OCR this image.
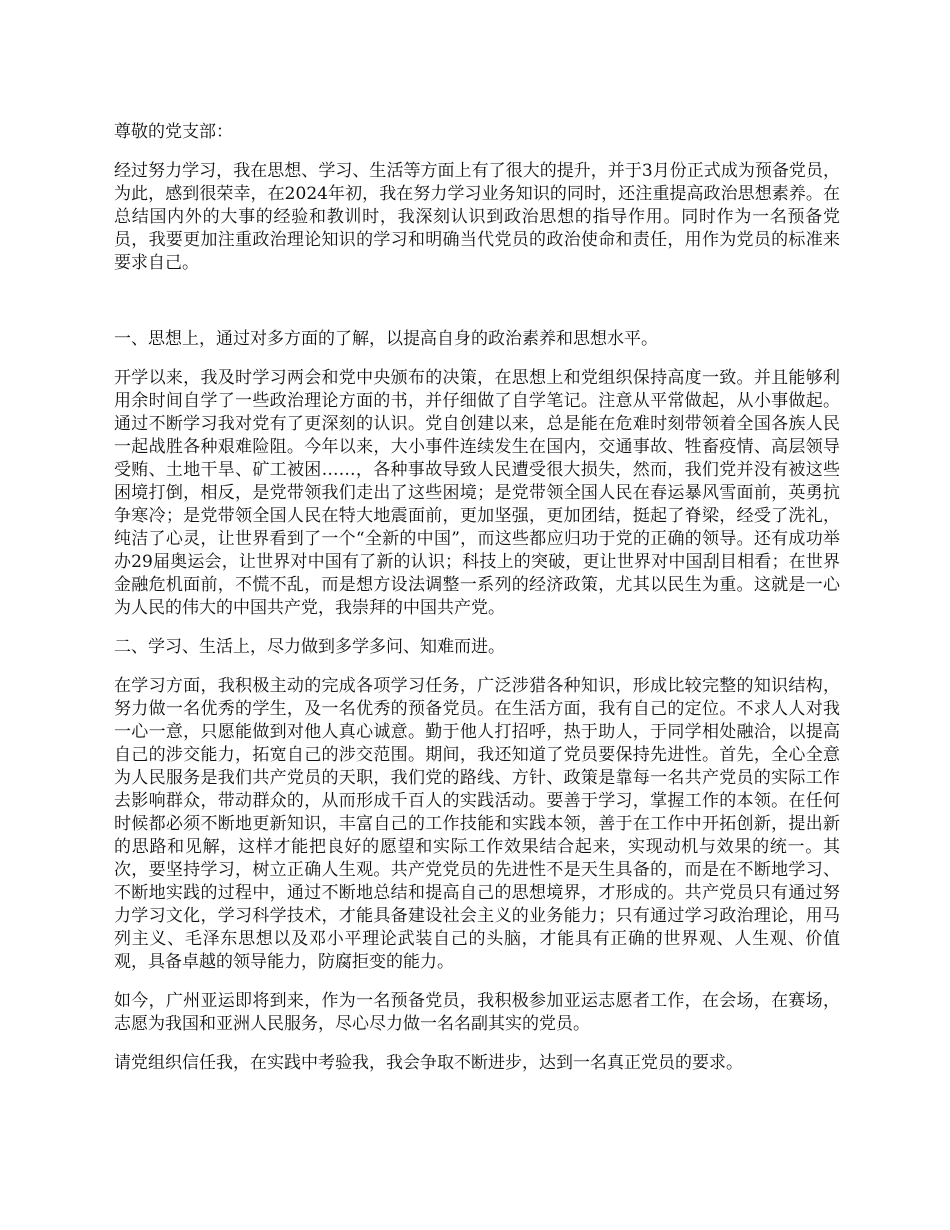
尊敬的党支部：

经过努力学习，我在思想、学习、生活等方面上有了很大的提升，并于3月份正式成为预备党员，为此，感到很荣幸，在2024年初，我在努力学习业务知识的同时，还注重提高政治思想素养。在总结国内外的大事的经验和教训时，我深刻认识到政治思想的指导作用。同时作为一名预备党员，我要更加注重政治理论知识的学习和明确当代党员的政治使命和责任，用作为党员的标准来要求自己。

一、思想上，通过对多方面的了解，以提高自身的政治素养和思想水平。

开学以来，我及时学习两会和党中央颁布的决策，在思想上和党组织保持高度一致。并且能够利用余时间自学了一些政治理论方面的书，并仔细做了自学笔记。注意从平常做起，从小事做起。通过不断学习我对党有了更深刻的认识。党自创建以来，总是能在危难时刻带领着全国各族人民一起战胜各种艰难险阻。今年以来，大小事件连续发生在国内，交通事故、牲畜疫情、高层领导受贿、土地干旱、矿工被困……，各种事故导致人民遭受很大损失，然而，我们党并没有被这些困境打倒，相反，是党带领我们走出了这些困境；是党带领全国人民在春运暴风雪面前，英勇抗争寒冷；是党带领全国人民在特大地震面前，更加坚强，更加团结，挺起了脊梁，经受了洗礼，纯洁了心灵，让世界看到了一个“全新的中国”，而这些都应归功于党的正确的领导。还有成功举办29届奥运会，让世界对中国有了新的认识；科技上的突破，更让世界对中国刮目相看；在世界金融危机面前，不慌不乱，而是想方设法调整一系列的经济政策，尤其以民生为重。这就是一心为人民的伟大的中国共产党，我崇拜的中国共产党。

二、学习、生活上，尽力做到多学多问、知难而进。

在学习方面，我积极主动的完成各项学习任务，广泛涉猎各种知识，形成比较完整的知识结构，努力做一名优秀的学生，及一名优秀的预备党员。在生活方面，我有自己的定位。不求人人对我一心一意，只愿能做到对他人真心诚意。勤于他人打招呼，热于助人，于同学相处融洽，以提高自己的涉交能力，拓宽自己的涉交范围。期间，我还知道了党员要保持先进性。首先，全心全意为人民服务是我们共产党员的天职，我们党的路线、方针、政策是靠每一名共产党员的实际工作去影响群众，带动群众的，从而形成千百人的实践活动。要善于学习，掌握工作的本领。在任何时候都必须不断地更新知识，丰富自己的工作技能和实践本领，善于在工作中开拓创新，提出新的思路和见解，这样才能把良好的愿望和实际工作效果结合起来，实现动机与效果的统一。其次，要坚持学习，树立正确人生观。共产党党员的先进性不是天生具备的，而是在不断地学习、不断地实践的过程中，通过不断地总结和提高自己的思想境界，才形成的。共产党员只有通过努力学习文化，学习科学技术，才能具备建设社会主义的业务能力；只有通过学习政治理论，用马列主义、毛泽东思想以及邓小平理论武装自己的头脑，才能具有正确的世界观、人生观、价值观，具备卓越的领导能力，防腐拒变的能力。

如今，广州亚运即将到来，作为一名预备党员，我积极参加亚运志愿者工作，在会场，在赛场，志愿为我国和亚洲人民服务，尽心尽力做一名名副其实的党员。

请党组织信任我，在实践中考验我，我会争取不断进步，达到一名真正党员的要求。
